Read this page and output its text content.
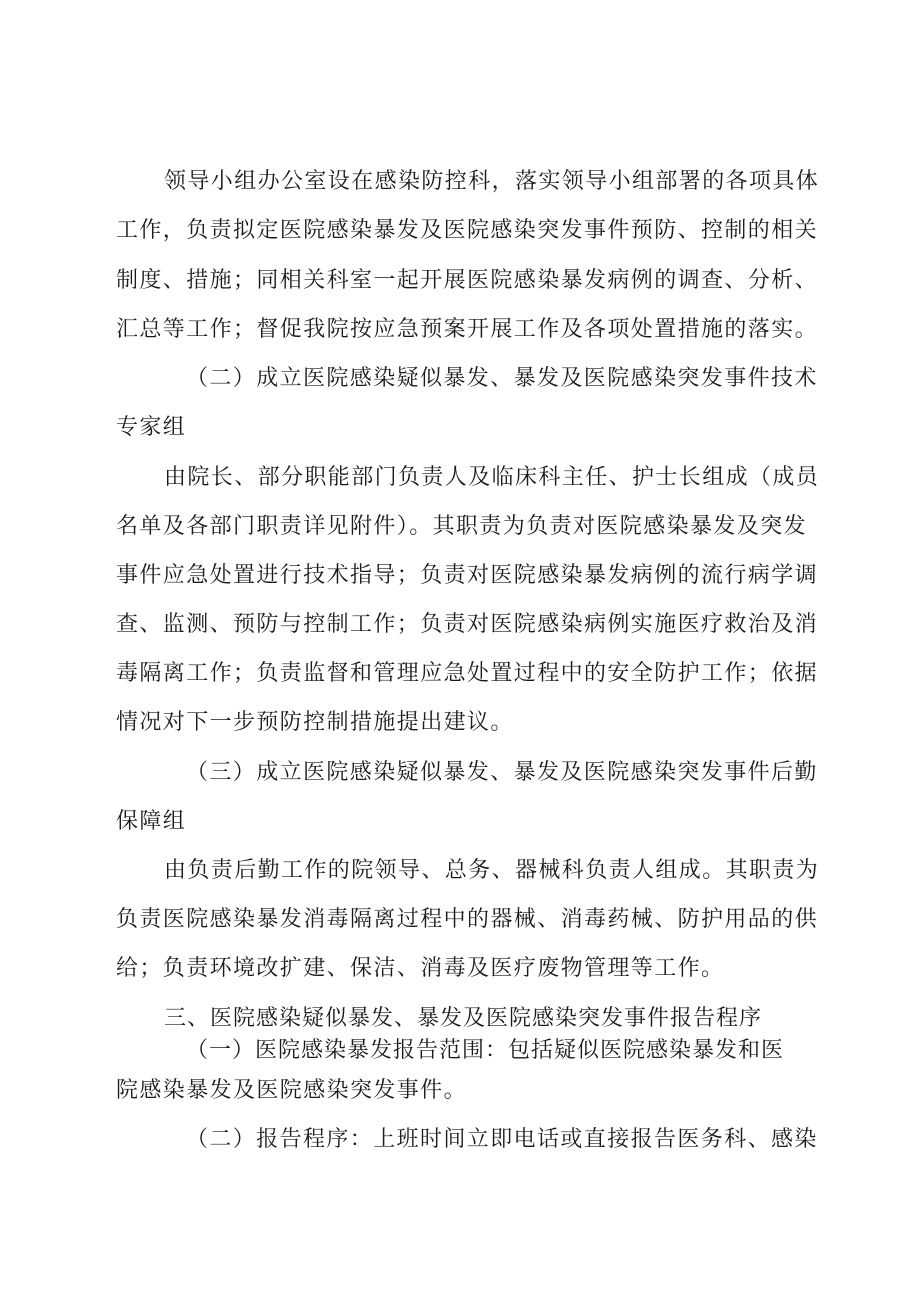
领导小组办公室设在感染防控科，落实领导小组部署的各项具体
工作，负责拟定医院感染暴发及医院感染突发事件预防、控制的相关
制度、措施；同相关科室一起开展医院感染暴发病例的调查、分析、
汇总等工作；督促我院按应急预案开展工作及各项处置措施的落实。
（二）成立医院感染疑似暴发、暴发及医院感染突发事件技术
专家组
由院长、部分职能部门负责人及临床科主任、护士长组成（成员
名单及各部门职责详见附件）。其职责为负责对医院感染暴发及突发
事件应急处置进行技术指导；负责对医院感染暴发病例的流行病学调
查、监测、预防与控制工作；负责对医院感染病例实施医疗救治及消
毒隔离工作；负责监督和管理应急处置过程中的安全防护工作；依据
情况对下一步预防控制措施提出建议。
（三）成立医院感染疑似暴发、暴发及医院感染突发事件后勤
保障组
由负责后勤工作的院领导、总务、器械科负责人组成。其职责为
负责医院感染暴发消毒隔离过程中的器械、消毒药械、防护用品的供
给；负责环境改扩建、保洁、消毒及医疗废物管理等工作。
三、医院感染疑似暴发、暴发及医院感染突发事件报告程序
（一）医院感染暴发报告范围：包括疑似医院感染暴发和医
院感染暴发及医院感染突发事件。
（二）报告程序：上班时间立即电话或直接报告医务科、感染
